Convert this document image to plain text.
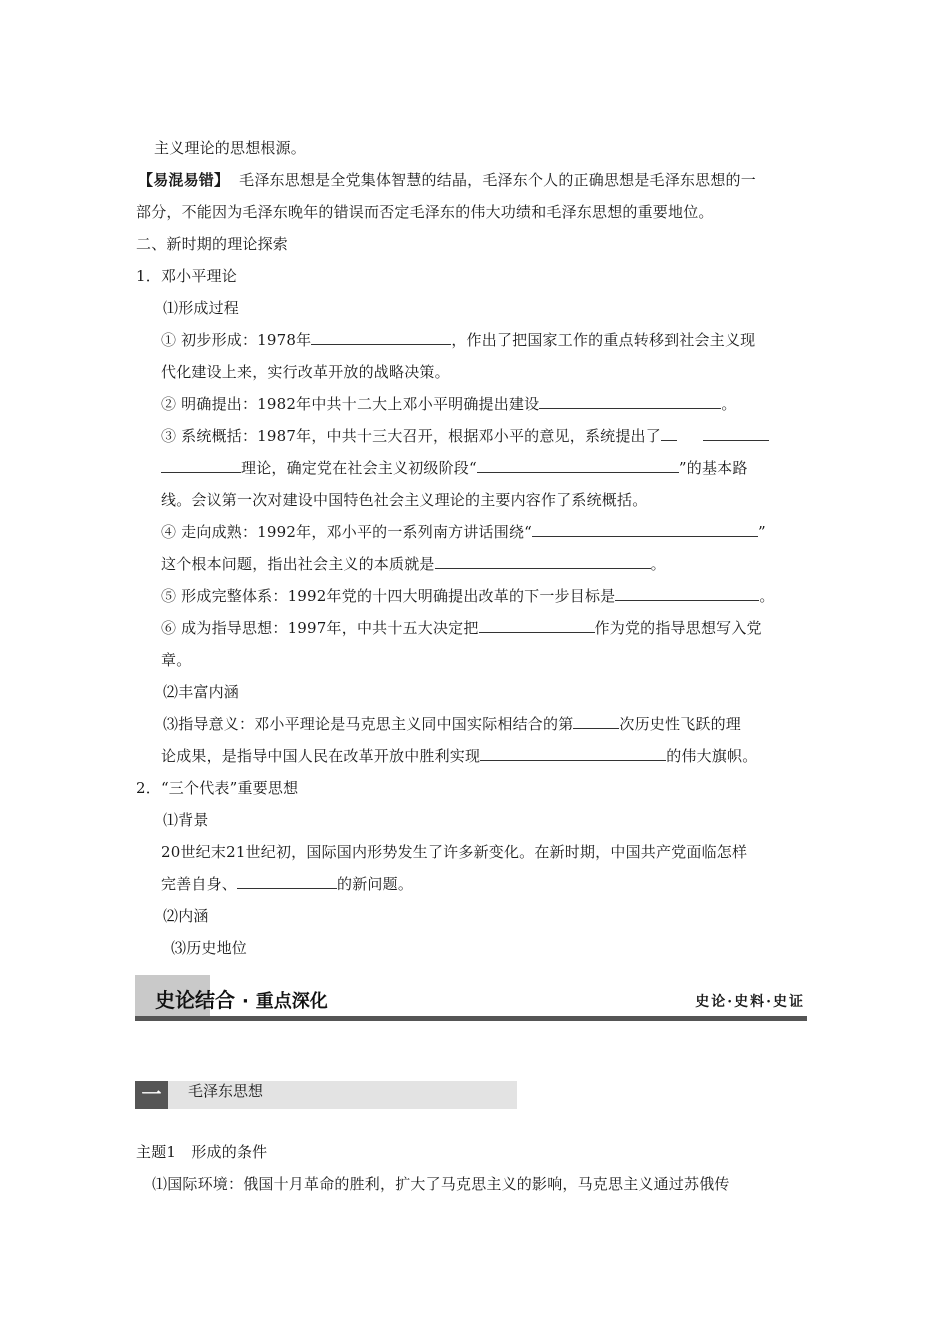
主义理论的思想根源。
【易混易错】 毛泽东思想是全党集体智慧的结晶，毛泽东个人的正确思想是毛泽东思想的一
部分，不能因为毛泽东晚年的错误而否定毛泽东的伟大功绩和毛泽东思想的重要地位。
二、新时期的理论探索
1．邓小平理论
⑴形成过程
① 初步形成：1978年	，作出了把国家工作的重点转移到社会主义现
代化建设上来，实行改革开放的战略决策。
② 明确提出：1982年中共十二大上邓小平明确提出建设	。
③ 系统概括：1987年，中共十三大召开，根据邓小平的意见，系统提出了
理论，确定党在社会主义初级阶段“	”的基本路
线。会议第一次对建设中国特色社会主义理论的主要内容作了系统概括。
④ 走向成熟：1992年，邓小平的一系列南方讲话围绕“	”
这个根本问题，指出社会主义的本质就是	。
⑤ 形成完整体系：1992年党的十四大明确提出改革的下一步目标是	。
⑥ 成为指导思想：1997年，中共十五大决定把	作为党的指导思想写入党
章。
⑵丰富内涵
⑶指导意义：邓小平理论是马克思主义同中国实际相结合的第	次历史性飞跃的理
论成果，是指导中国人民在改革开放中胜利实现	的伟大旗帜。
2．“三个代表”重要思想
⑴背景
20世纪末21世纪初，国际国内形势发生了许多新变化。在新时期，中国共产党面临怎样
完善自身、	的新问题。
⑵内涵
⑶历史地位
史论结合 · 重点深化	史论·史料·史证
一	毛泽东思想
主题1　形成的条件
⑴国际环境：俄国十月革命的胜利，扩大了马克思主义的影响，马克思主义通过苏俄传
